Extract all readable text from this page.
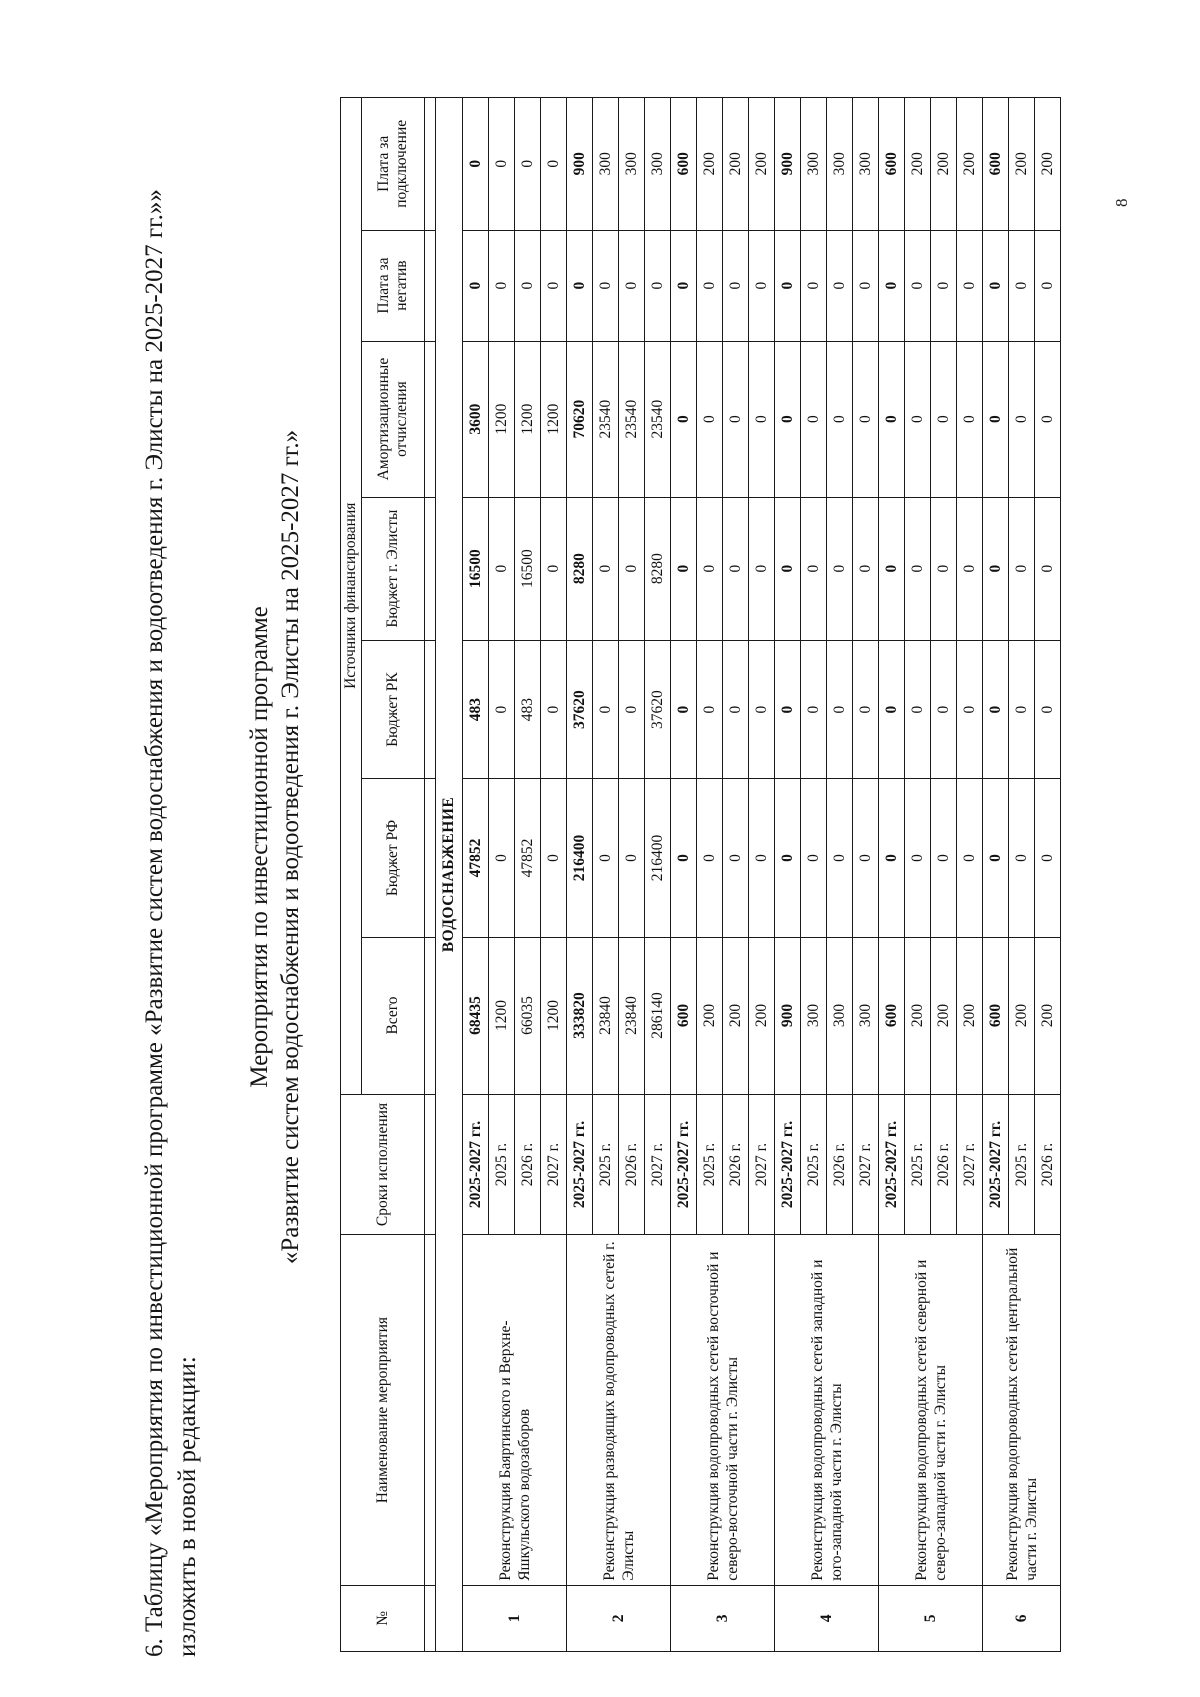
6. Таблицу «Мероприятия по инвестиционной программе «Развитие систем водоснабжения и водоотведения г. Элисты на 2025-2027 гг.»» изложить в новой редакции:
Мероприятия по инвестиционной программе «Развитие систем водоснабжения и водоотведения г. Элисты на 2025-2027 гг.»
№	Наименование мероприятия	Сроки исполнения	Источники финансирования						
			Всего	Бюджет РФ	Бюджет РК	Бюджет г. Элисты	Амортизационные отчисления	Плата за негатив	Плата за подключение

ВОДОСНАБЖЕНИЕ									
1	Реконструкция Баяртинского и Верхне-Яшкульского водозаборов	2025-2027 гг.	68435	47852	483	16500	3600	0	0
		2025 г.	1200	0	0	0	1200	0	0
		2026 г.	66035	47852	483	16500	1200	0	0
		2027 г.	1200	0	0	0	1200	0	0
2	Реконструкция разводящих водопроводных сетей г. Элисты	2025-2027 гг.	333820	216400	37620	8280	70620	0	900
		2025 г.	23840	0	0	0	23540	0	300
		2026 г.	23840	0	0	0	23540	0	300
		2027 г.	286140	216400	37620	8280	23540	0	300
3	Реконструкция водопроводных сетей восточной и северо-восточной части г. Элисты	2025-2027 гг.	600	0	0	0	0	0	600
		2025 г.	200	0	0	0	0	0	200
		2026 г.	200	0	0	0	0	0	200
		2027 г.	200	0	0	0	0	0	200
4	Реконструкция водопроводных сетей западной и юго-западной части г. Элисты	2025-2027 гг.	900	0	0	0	0	0	900
		2025 г.	300	0	0	0	0	0	300
		2026 г.	300	0	0	0	0	0	300
		2027 г.	300	0	0	0	0	0	300
5	Реконструкция водопроводных сетей северной и северо-западной части г. Элисты	2025-2027 гг.	600	0	0	0	0	0	600
		2025 г.	200	0	0	0	0	0	200
		2026 г.	200	0	0	0	0	0	200
		2027 г.	200	0	0	0	0	0	200
6	Реконструкция водопроводных сетей центральной части г. Элисты	2025-2027 гг.	600	0	0	0	0	0	600
		2025 г.	200	0	0	0	0	0	200
		2026 г.	200	0	0	0	0	0	200
8
